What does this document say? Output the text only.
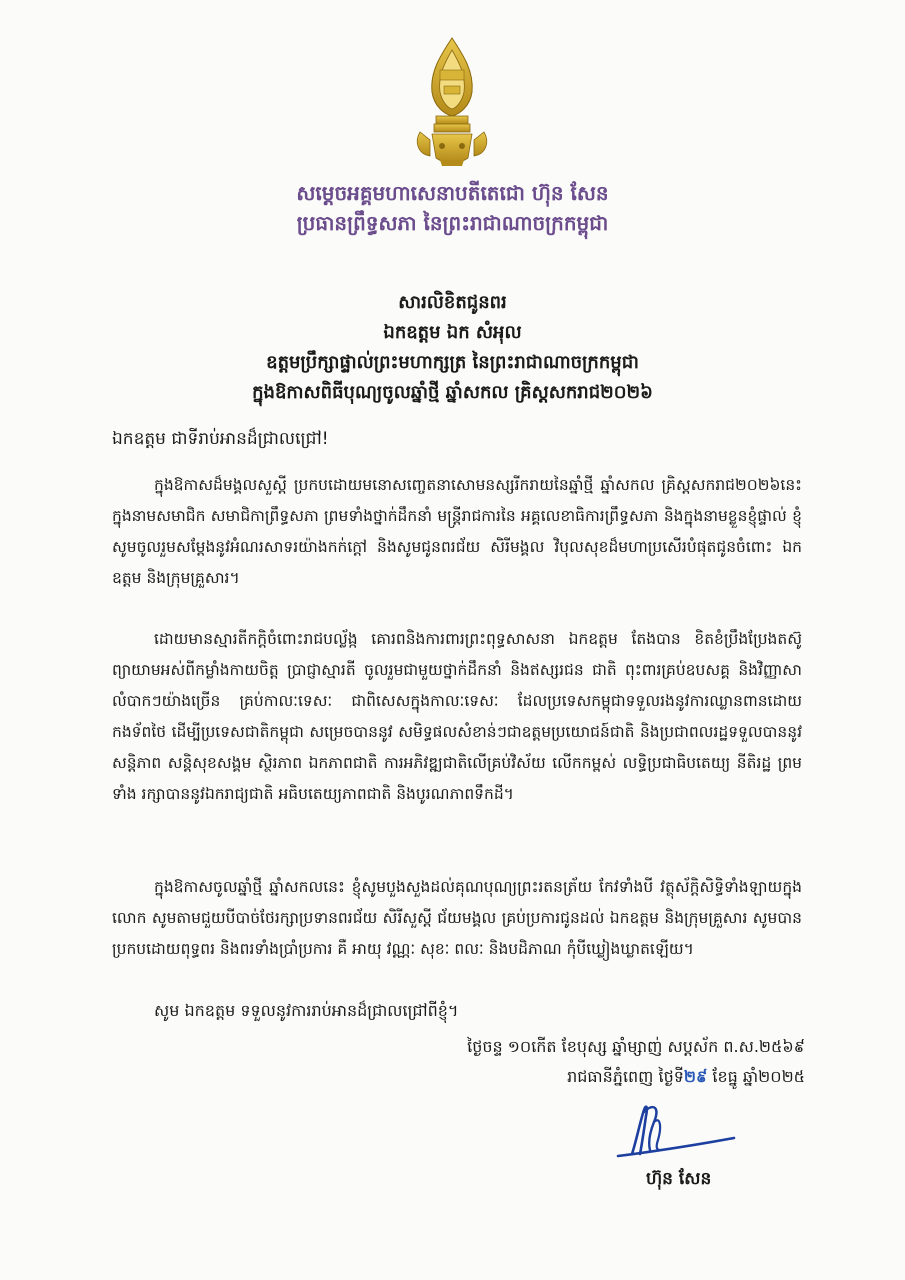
សម្តេចអគ្គមហាសេនាបតីតេជោ ហ៊ុន សែន
ប្រធានព្រឹទ្ធសភា នៃព្រះរាជាណាចក្រកម្ពុជា
សារលិខិតជូនពរ
ឯកឧត្តម ឯក សំអុល
ឧត្តមប្រឹក្សាផ្ទាល់ព្រះមហាក្សត្រ នៃព្រះរាជាណាចក្រកម្ពុជា
ក្នុងឱកាសពិធីបុណ្យចូលឆ្នាំថ្មី ឆ្នាំសកល គ្រិស្តសករាជ២០២៦
ឯកឧត្តម ជាទីរាប់អានដ៏ជ្រាលជ្រៅ!
ក្នុងឱកាសដ៏មង្គលសួស្តី ប្រកបដោយមនោសញ្ចេតនាសោមនស្សរីករាយនៃឆ្នាំថ្មី ឆ្នាំសកល គ្រិស្តសករាជ២០២៦នេះ ក្នុងនាមសមាជិក សមាជិកាព្រឹទ្ធសភា ព្រមទាំងថ្នាក់ដឹកនាំ មន្ត្រីរាជការនៃ អគ្គលេខាធិការព្រឹទ្ធសភា និងក្នុងនាមខ្លួនខ្ញុំផ្ទាល់ ខ្ញុំសូមចូលរួមសម្តែងនូវអំណរសាទរយ៉ាងកក់ក្តៅ និងសូមជូនពរជ័យ សិរីមង្គល វិបុលសុខដ៏មហាប្រសើរបំផុតជូនចំពោះ ឯកឧត្តម និងក្រុមគ្រួសារ។
ដោយមានស្មារតីកក្តិចំពោះរាជបល្ល័ង្ក គោរពនិងការពារព្រះពុទ្ធសាសនា ឯកឧត្តម តែងបាន ខិតខំប្រឹងប្រែងតស៊ូព្យាយាមអស់ពីកម្លាំងកាយចិត្ត ប្រាជ្ញាស្មារតី ចូលរួមជាមួយថ្នាក់ដឹកនាំ និងឥស្សរជន ជាតិ ពុះពារគ្រប់ឧបសគ្គ និងវិញ្ញាសាលំបាកៗយ៉ាងច្រើន គ្រប់កាលៈទេសៈ ជាពិសេសក្នុងកាលៈទេសៈ ដែលប្រទេសកម្ពុជាទទួលរងនូវការឈ្លានពានដោយកងទ័ពថៃ ដើម្បីប្រទេសជាតិកម្ពុជា សម្រេចបាននូវ សមិទ្ធផលសំខាន់ៗជាឧត្តមប្រយោជន៍ជាតិ និងប្រជាពលរដ្ឋទទួលបាននូវសន្តិភាព សន្តិសុខសង្គម ស្ថិរភាព ឯកភាពជាតិ ការអភិវឌ្ឍជាតិលើគ្រប់វិស័យ លើកកម្ពស់ លទ្ធិប្រជាធិបតេយ្យ នីតិរដ្ឋ ព្រមទាំង រក្សាបាននូវឯករាជ្យជាតិ អធិបតេយ្យភាពជាតិ និងបូរណភាពទឹកដី។
ក្នុងឱកាសចូលឆ្នាំថ្មី ឆ្នាំសកលនេះ ខ្ញុំសូមបួងសួងដល់គុណបុណ្យព្រះរតនត្រ័យ កែវទាំងបី វត្ថុស័ក្តិសិទ្ធិទាំងឡាយក្នុងលោក សូមតាមជួយបីបាច់ថែរក្សាប្រទានពរជ័យ សិរីសួស្តី ជ័យមង្គល គ្រប់ប្រការជូនដល់ ឯកឧត្តម និងក្រុមគ្រួសារ សូមបានប្រកបដោយពុទ្ធពរ និងពរទាំងប្រាំប្រការ គឺ អាយុ វណ្ណៈ សុខៈ ពលៈ និងបដិភាណ កុំបីឃ្លៀងឃ្លាតឡើយ។
សូម ឯកឧត្តម ទទួលនូវការរាប់អានដ៏ជ្រាលជ្រៅពីខ្ញុំ។
ថ្ងៃចន្ទ ១០កើត ខែបុស្ស ឆ្នាំម្សាញ់ សប្តស័ក ព.ស.២៥៦៩
រាជធានីភ្នំពេញ ថ្ងៃទី២៩ ខែធ្នូ ឆ្នាំ២០២៥
ហ៊ុន សែន
